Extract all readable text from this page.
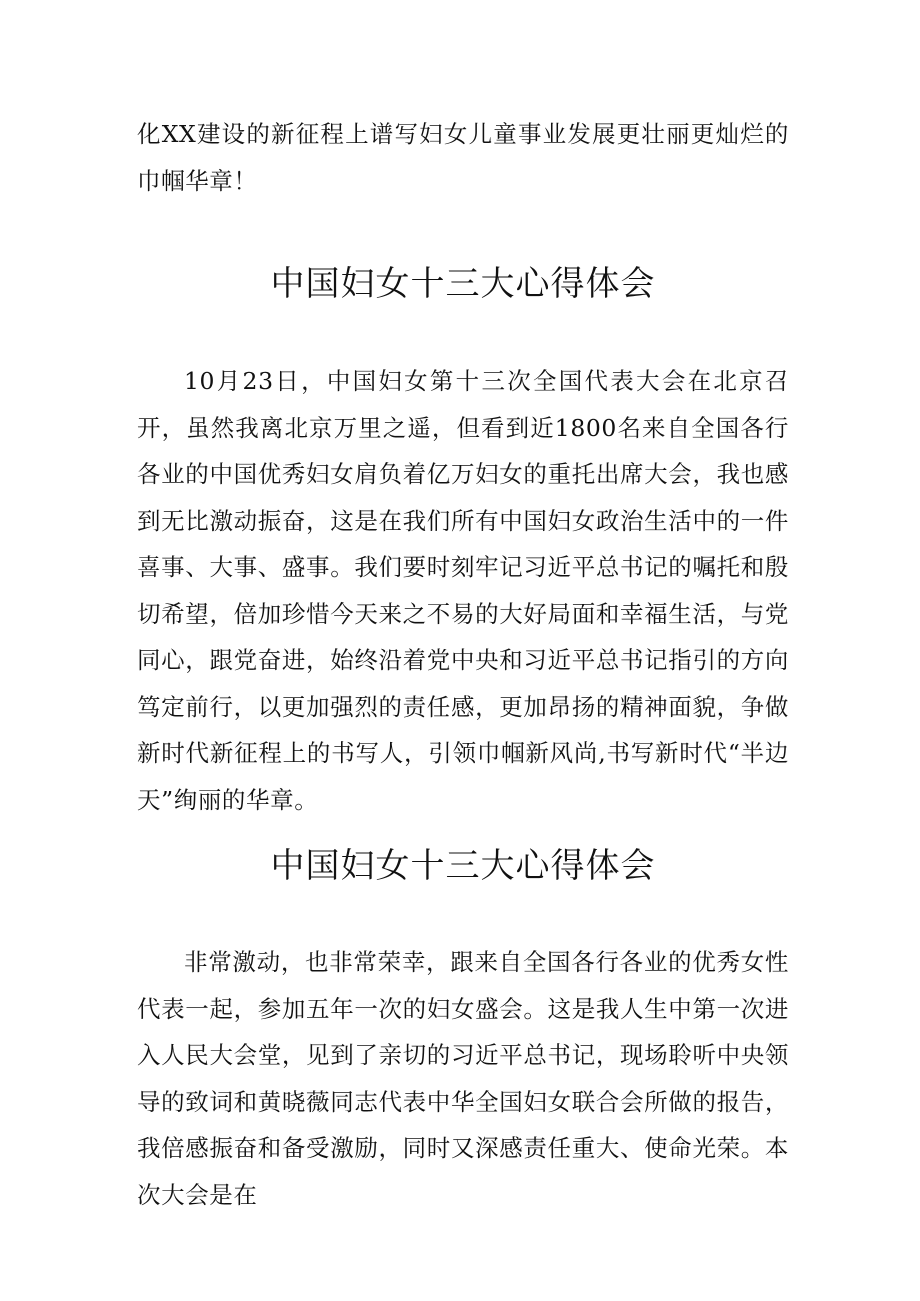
化XX建设的新征程上谱写妇女儿童事业发展更壮丽更灿烂的巾帼华章！

中国妇女十三大心得体会

10月23日，中国妇女第十三次全国代表大会在北京召开，虽然我离北京万里之遥，但看到近1800名来自全国各行各业的中国优秀妇女肩负着亿万妇女的重托出席大会，我也感到无比激动振奋，这是在我们所有中国妇女政治生活中的一件喜事、大事、盛事。我们要时刻牢记习近平总书记的嘱托和殷切希望，倍加珍惜今天来之不易的大好局面和幸福生活，与党同心，跟党奋进，始终沿着党中央和习近平总书记指引的方向笃定前行，以更加强烈的责任感，更加昂扬的精神面貌，争做新时代新征程上的书写人，引领巾帼新风尚,书写新时代“半边天”绚丽的华章。

中国妇女十三大心得体会

非常激动，也非常荣幸，跟来自全国各行各业的优秀女性代表一起，参加五年一次的妇女盛会。这是我人生中第一次进入人民大会堂，见到了亲切的习近平总书记，现场聆听中央领导的致词和黄晓薇同志代表中华全国妇女联合会所做的报告，我倍感振奋和备受激励，同时又深感责任重大、使命光荣。本次大会是在
